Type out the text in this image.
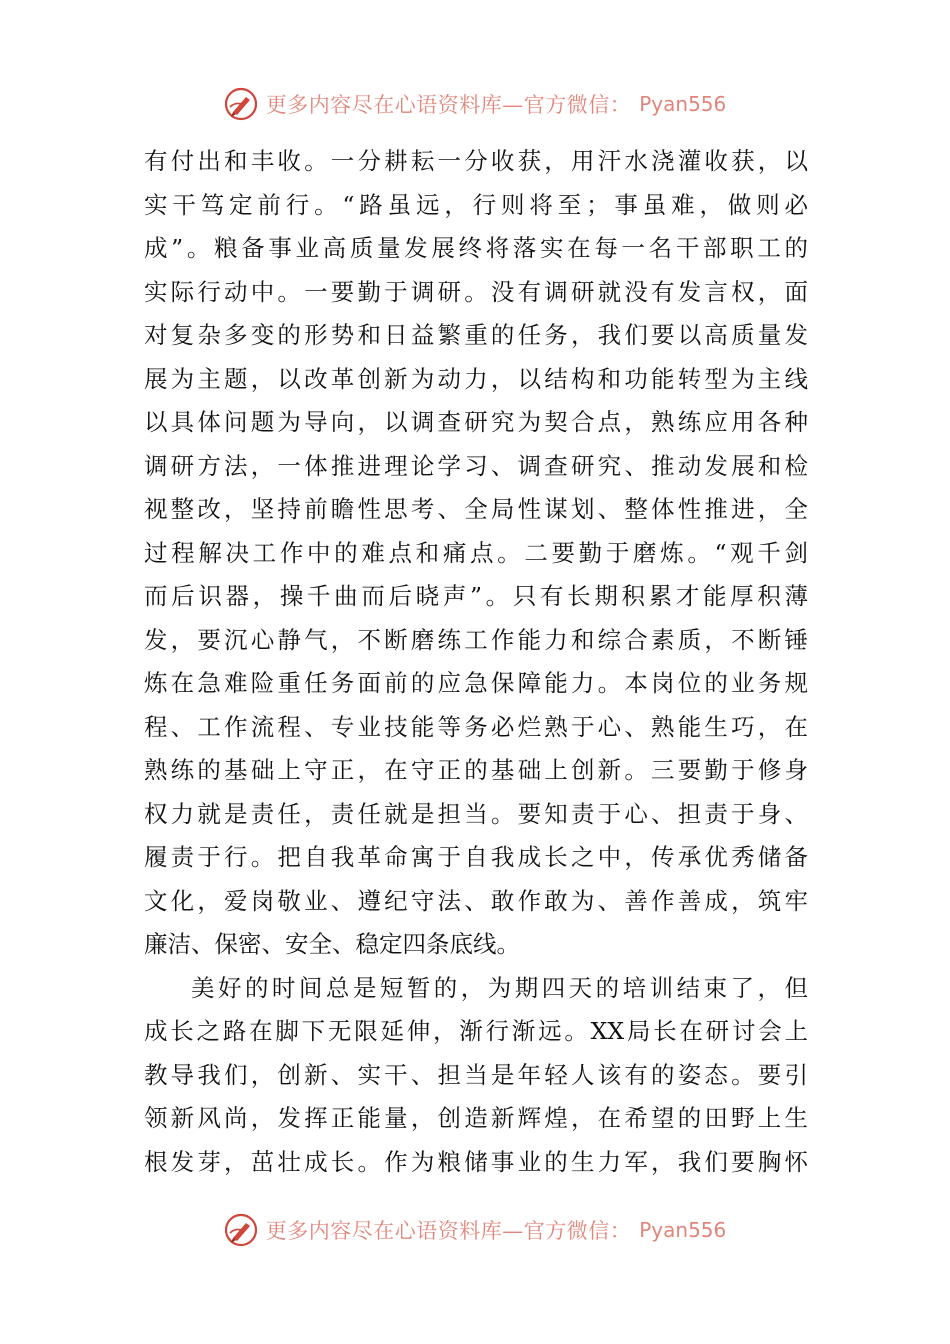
更多内容尽在心语资料库—官方微信： Pyan556
有付出和丰收。一分耕耘一分收获，用汗水浇灌收获，以
实干笃定前行。“路虽远，行则将至；事虽难，做则必
成”。粮备事业高质量发展终将落实在每一名干部职工的
实际行动中。一要勤于调研。没有调研就没有发言权，面
对复杂多变的形势和日益繁重的任务，我们要以高质量发
展为主题，以改革创新为动力，以结构和功能转型为主线
以具体问题为导向，以调查研究为契合点，熟练应用各种
调研方法，一体推进理论学习、调查研究、推动发展和检
视整改，坚持前瞻性思考、全局性谋划、整体性推进，全
过程解决工作中的难点和痛点。二要勤于磨炼。“观千剑
而后识器，操千曲而后晓声”。只有长期积累才能厚积薄
发，要沉心静气，不断磨练工作能力和综合素质，不断锤
炼在急难险重任务面前的应急保障能力。本岗位的业务规
程、工作流程、专业技能等务必烂熟于心、熟能生巧，在
熟练的基础上守正，在守正的基础上创新。三要勤于修身
权力就是责任，责任就是担当。要知责于心、担责于身、
履责于行。把自我革命寓于自我成长之中，传承优秀储备
文化，爱岗敬业、遵纪守法、敢作敢为、善作善成，筑牢
廉洁、保密、安全、稳定四条底线。
美好的时间总是短暂的，为期四天的培训结束了，但
成长之路在脚下无限延伸，渐行渐远。XX局长在研讨会上
教导我们，创新、实干、担当是年轻人该有的姿态。要引
领新风尚，发挥正能量，创造新辉煌，在希望的田野上生
根发芽，茁壮成长。作为粮储事业的生力军，我们要胸怀
更多内容尽在心语资料库—官方微信： Pyan556
